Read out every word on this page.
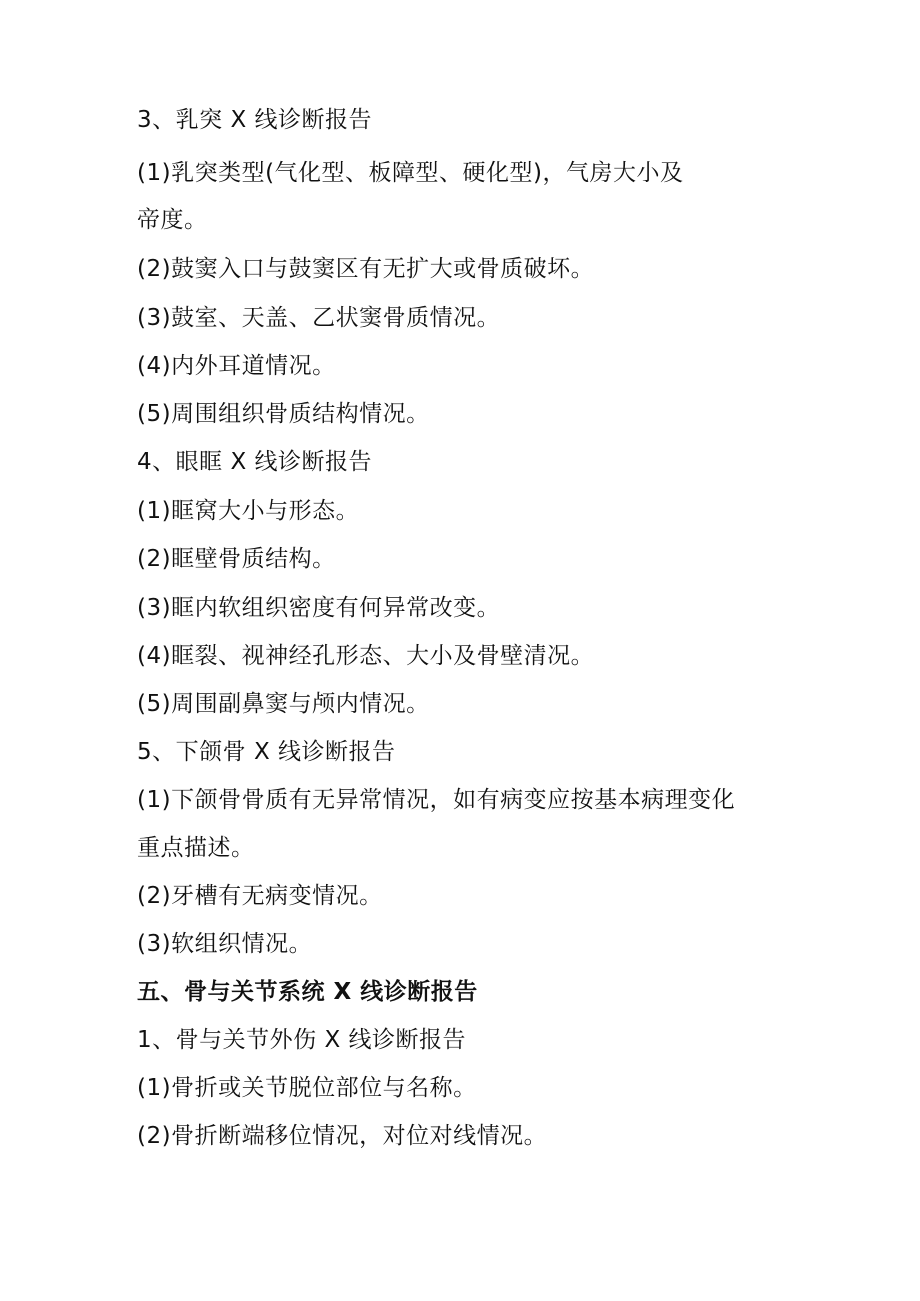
3、乳突 X 线诊断报告
(1)乳突类型(气化型、板障型、硬化型)，气房大小及
帝度。
(2)鼓窦入口与鼓窦区有无扩大或骨质破坏。
(3)鼓室、天盖、乙状窦骨质情况。
(4)内外耳道情况。
(5)周围组织骨质结构情况。
4、眼眶 X 线诊断报告
(1)眶窝大小与形态。
(2)眶壁骨质结构。
(3)眶内软组织密度有何异常改变。
(4)眶裂、视神经孔形态、大小及骨壁清况。
(5)周围副鼻窦与颅内情况。
5、下颌骨 X 线诊断报告
(1)下颌骨骨质有无异常情况，如有病变应按基本病理变化
重点描述。
(2)牙槽有无病变情况。
(3)软组织情况。
五、骨与关节系统 X 线诊断报告
1、骨与关节外伤 X 线诊断报告
(1)骨折或关节脱位部位与名称。
(2)骨折断端移位情况，对位对线情况。
